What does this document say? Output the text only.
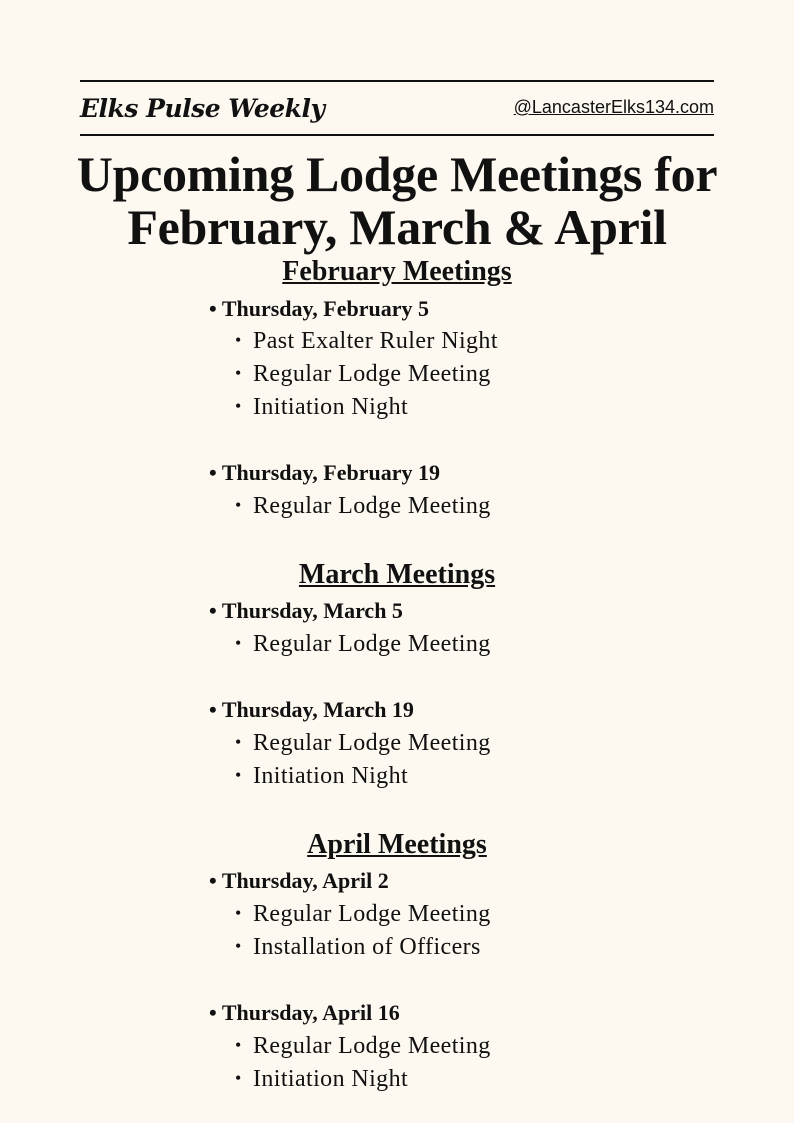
Elks Pulse Weekly	@LancasterElks134.com
Upcoming Lodge Meetings for
February, March & April
February Meetings
• Thursday, February 5
• Past Exalter Ruler Night
• Regular Lodge Meeting
• Initiation Night
• Thursday, February 19
• Regular Lodge Meeting
March Meetings
• Thursday, March 5
• Regular Lodge Meeting
• Thursday, March 19
• Regular Lodge Meeting
• Initiation Night
April Meetings
• Thursday, April 2
• Regular Lodge Meeting
• Installation of Officers
• Thursday, April 16
• Regular Lodge Meeting
• Initiation Night
